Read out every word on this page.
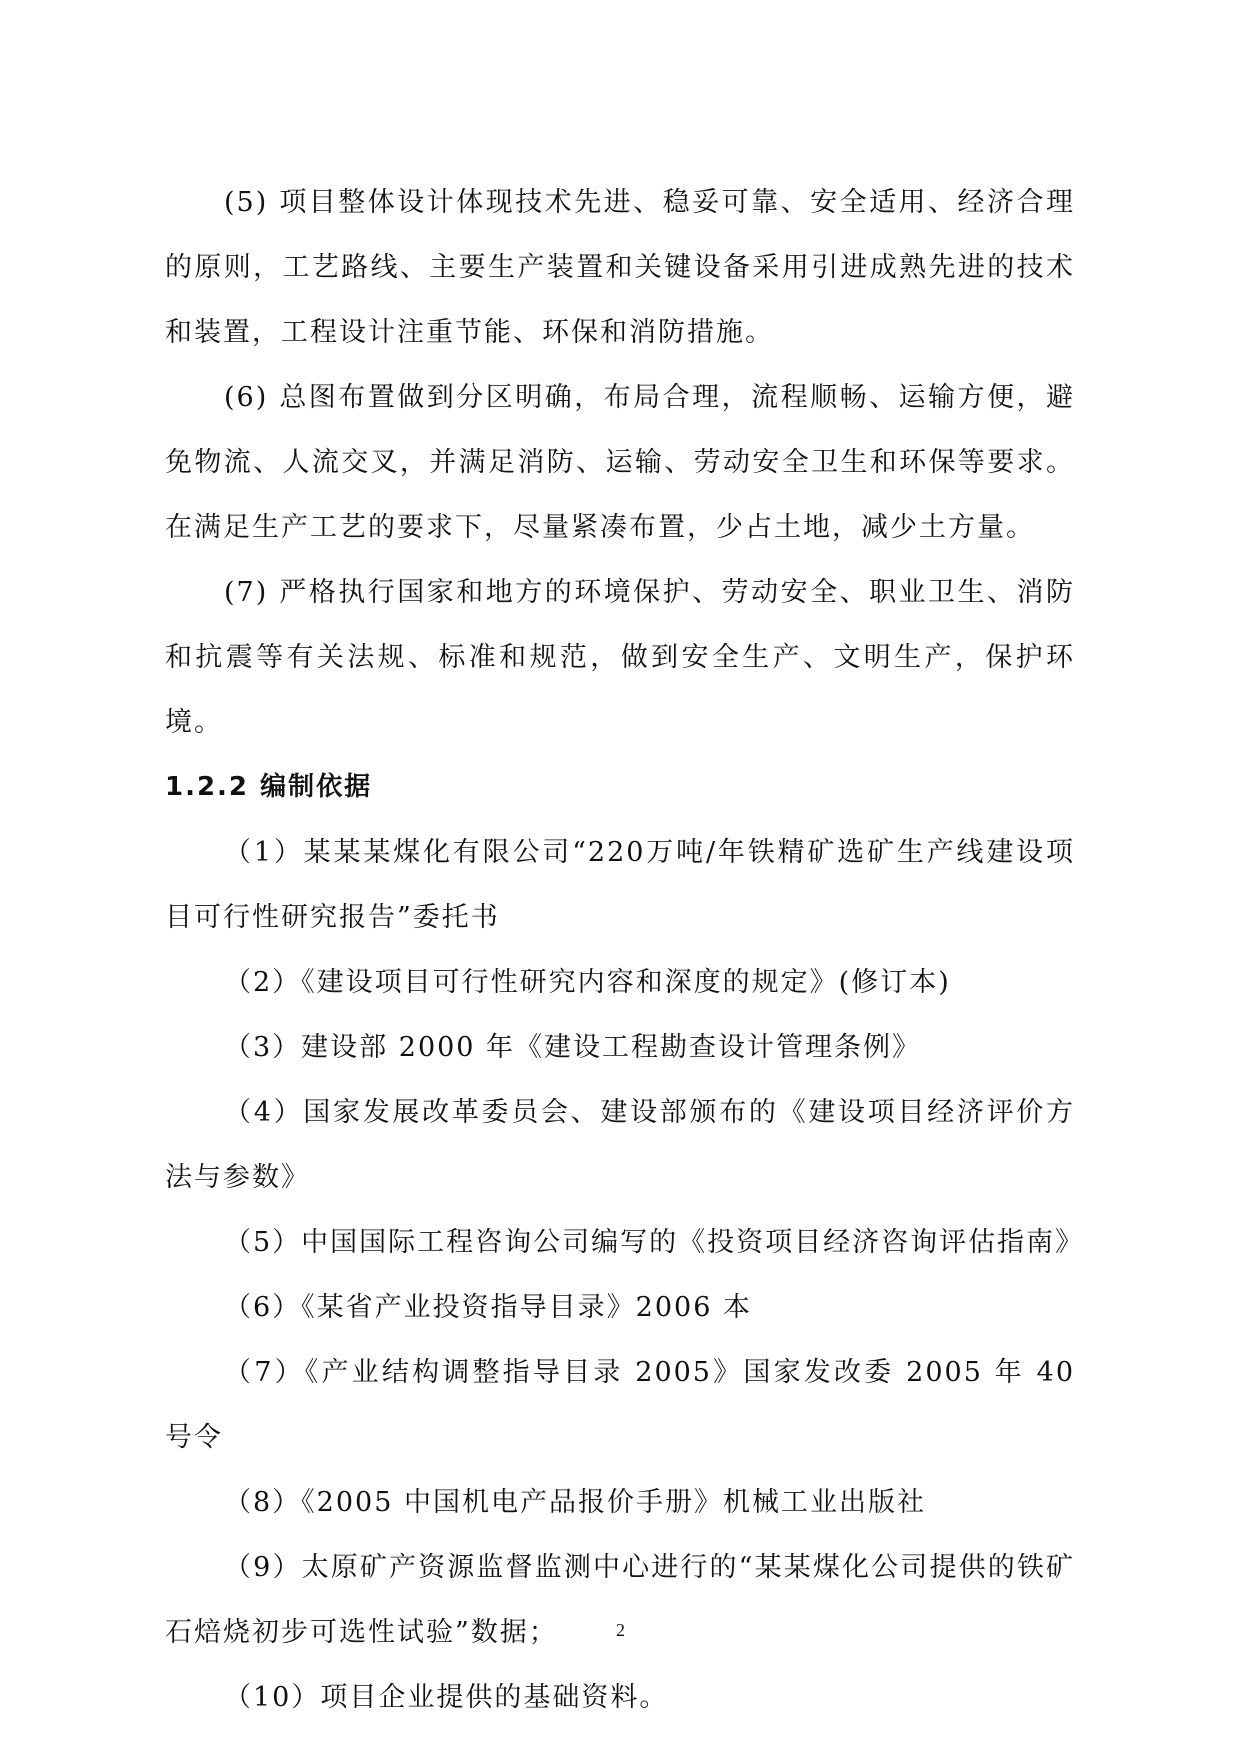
(5) 项目整体设计体现技术先进、稳妥可靠、安全适用、经济合理的原则，工艺路线、主要生产装置和关键设备采用引进成熟先进的技术和装置，工程设计注重节能、环保和消防措施。

(6) 总图布置做到分区明确，布局合理，流程顺畅、运输方便，避免物流、人流交叉，并满足消防、运输、劳动安全卫生和环保等要求。在满足生产工艺的要求下，尽量紧凑布置，少占土地，减少土方量。

(7) 严格执行国家和地方的环境保护、劳动安全、职业卫生、消防和抗震等有关法规、标准和规范，做到安全生产、文明生产，保护环境。

1.2.2 编制依据

（1）某某某煤化有限公司“220万吨/年铁精矿选矿生产线建设项目可行性研究报告”委托书

（2）《建设项目可行性研究内容和深度的规定》(修订本)

（3）建设部 2000 年《建设工程勘查设计管理条例》

（4）国家发展改革委员会、建设部颁布的《建设项目经济评价方法与参数》

（5）中国国际工程咨询公司编写的《投资项目经济咨询评估指南》

（6）《某省产业投资指导目录》2006 本

（7）《产业结构调整指导目录 2005》国家发改委 2005 年 40 号令

（8）《2005 中国机电产品报价手册》机械工业出版社

（9）太原矿产资源监督监测中心进行的“某某煤化公司提供的铁矿石焙烧初步可选性试验”数据；

（10）项目企业提供的基础资料。

2
